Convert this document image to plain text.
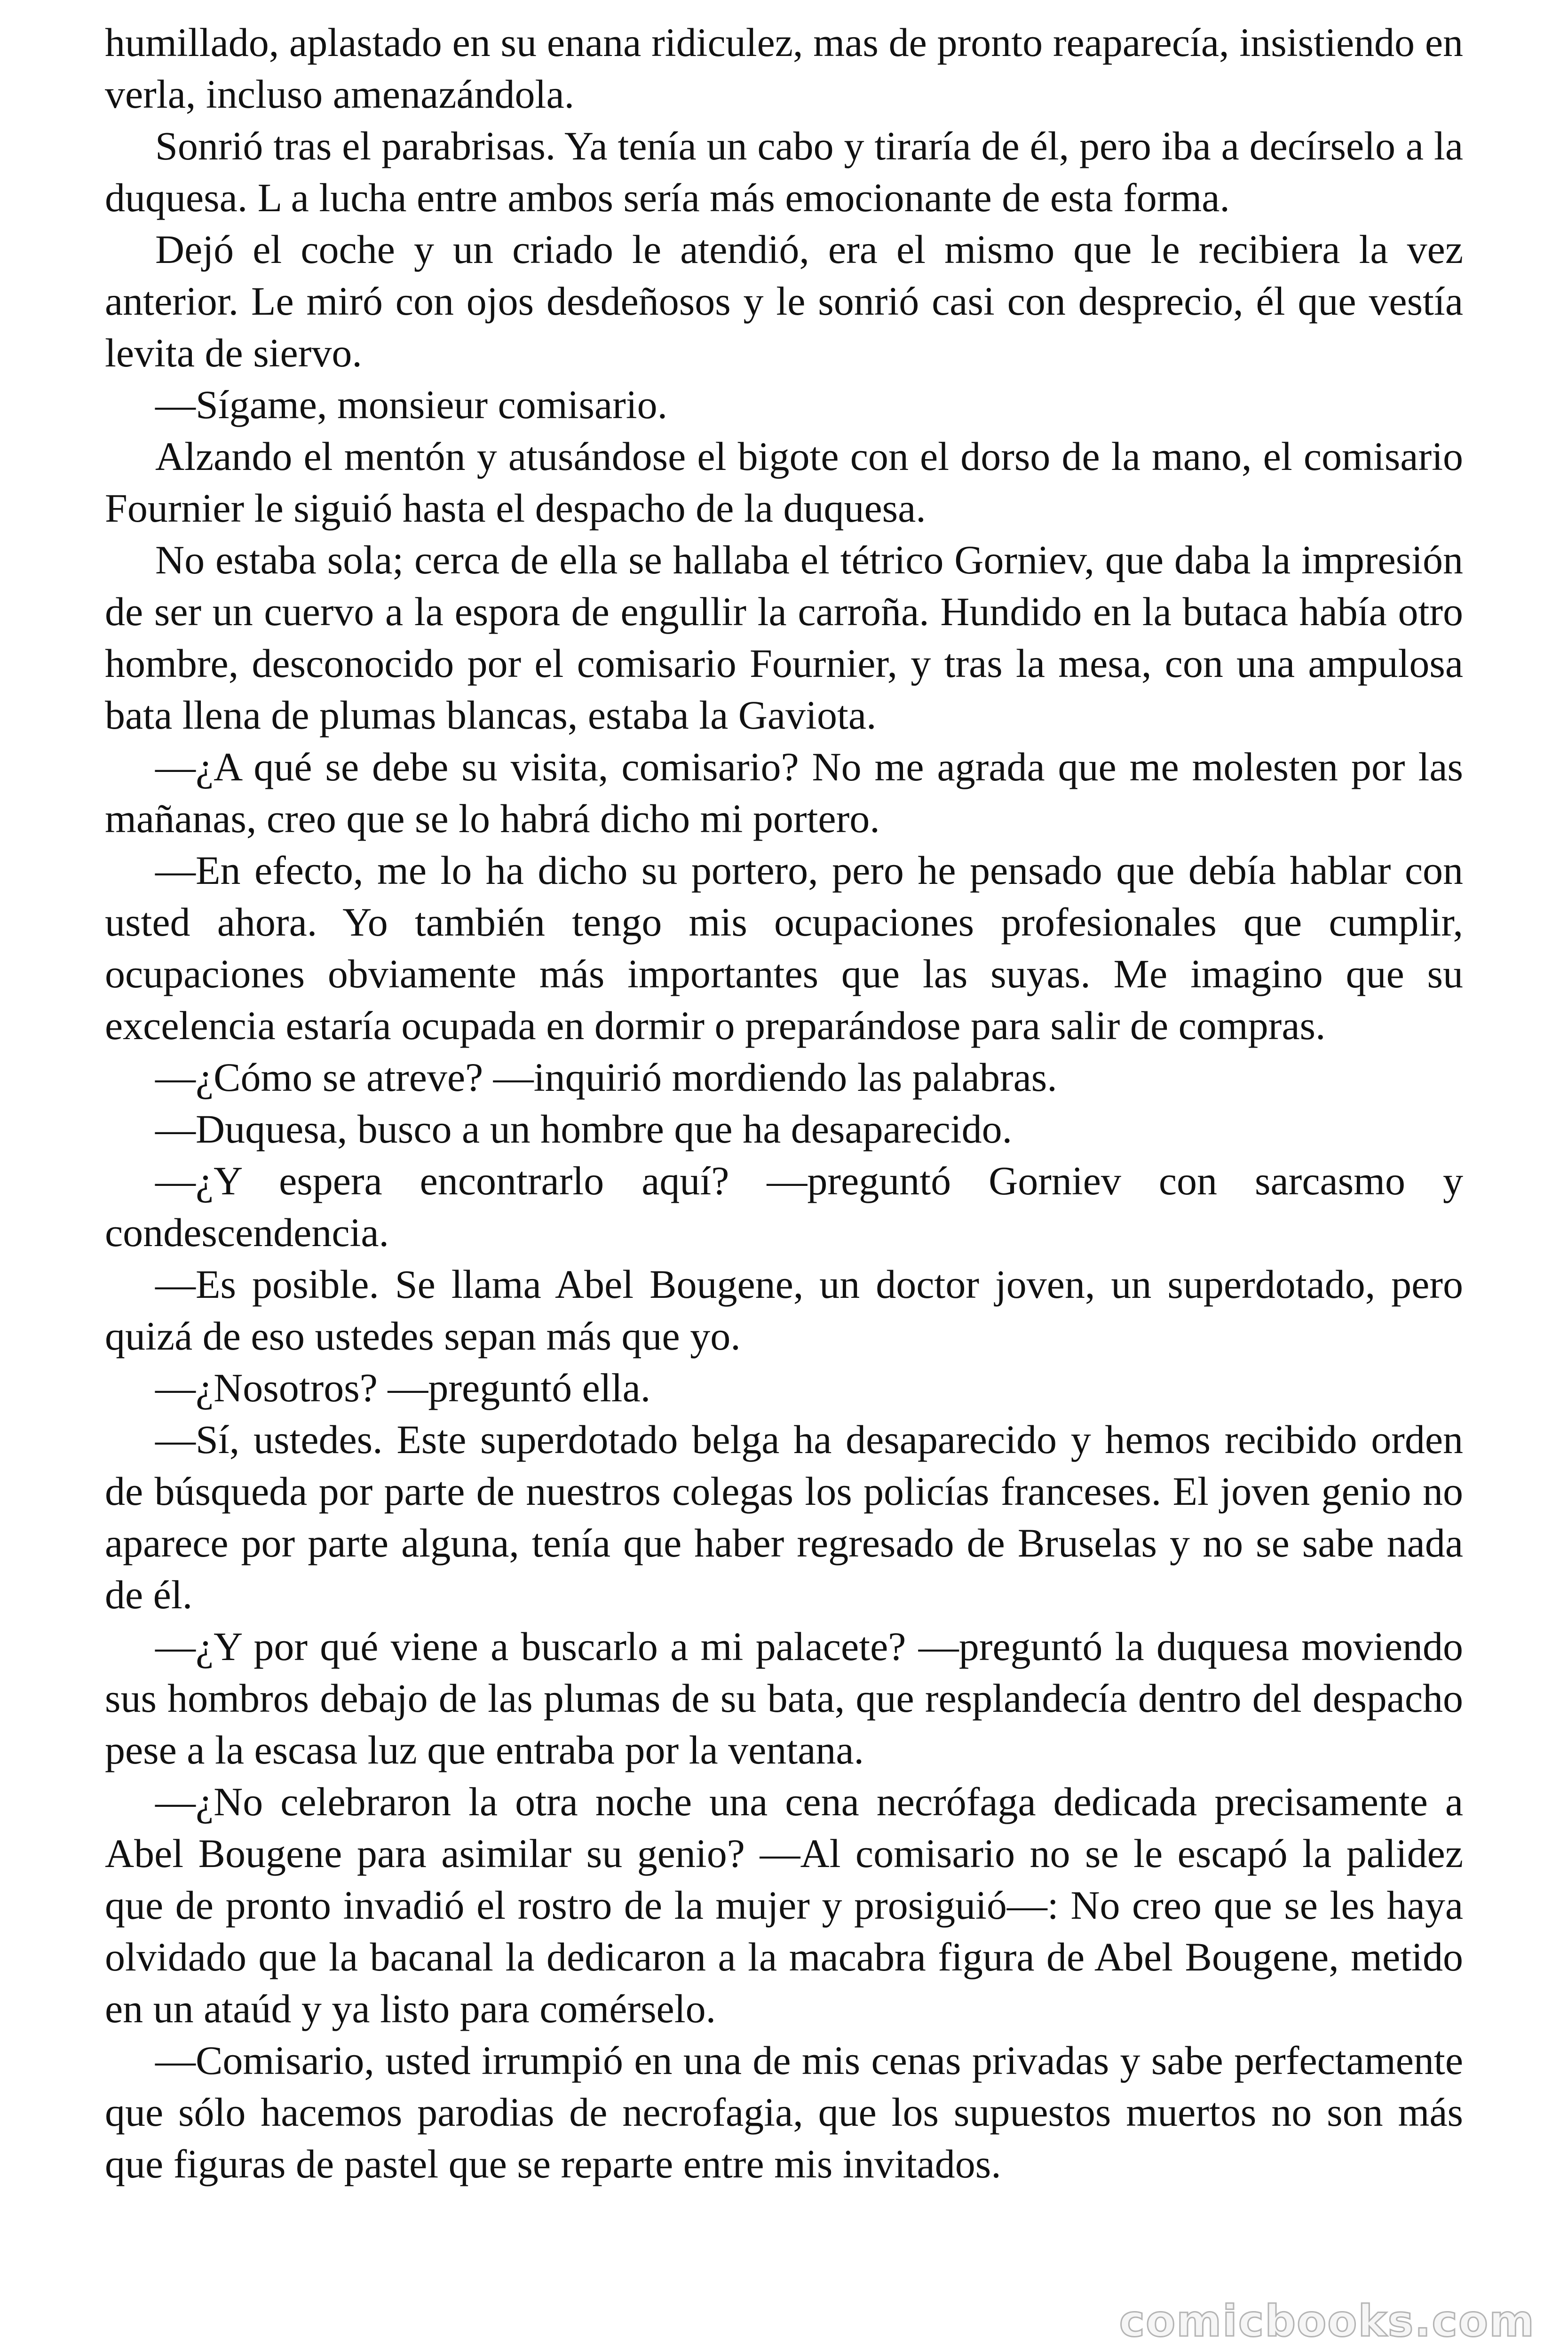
humillado, aplastado en su enana ridiculez, mas de pronto reaparecía, insistiendo en verla, incluso amenazándola.

Sonrió tras el parabrisas. Ya tenía un cabo y tiraría de él, pero iba a decírselo a la duquesa. L a lucha entre ambos sería más emocionante de esta forma.

Dejó el coche y un criado le atendió, era el mismo que le recibiera la vez anterior. Le miró con ojos desdeñosos y le sonrió casi con desprecio, él que vestía levita de siervo.

—Sígame, monsieur comisario.

Alzando el mentón y atusándose el bigote con el dorso de la mano, el comisario Fournier le siguió hasta el despacho de la duquesa.

No estaba sola; cerca de ella se hallaba el tétrico Gorniev, que daba la impresión de ser un cuervo a la espora de engullir la carroña. Hundido en la butaca había otro hombre, desconocido por el comisario Fournier, y tras la mesa, con una ampulosa bata llena de plumas blancas, estaba la Gaviota.

—¿A qué se debe su visita, comisario? No me agrada que me molesten por las mañanas, creo que se lo habrá dicho mi portero.

—En efecto, me lo ha dicho su portero, pero he pensado que debía hablar con usted ahora. Yo también tengo mis ocupaciones profesionales que cumplir, ocupaciones obviamente más importantes que las suyas. Me imagino que su excelencia estaría ocupada en dormir o preparándose para salir de compras.

—¿Cómo se atreve? —inquirió mordiendo las palabras.

—Duquesa, busco a un hombre que ha desaparecido.

—¿Y espera encontrarlo aquí? —preguntó Gorniev con sarcasmo y condescendencia.

—Es posible. Se llama Abel Bougene, un doctor joven, un superdotado, pero quizá de eso ustedes sepan más que yo.

—¿Nosotros? —preguntó ella.

—Sí, ustedes. Este superdotado belga ha desaparecido y hemos recibido orden de búsqueda por parte de nuestros colegas los policías franceses. El joven genio no aparece por parte alguna, tenía que haber regresado de Bruselas y no se sabe nada de él.

—¿Y por qué viene a buscarlo a mi palacete? —preguntó la duquesa moviendo sus hombros debajo de las plumas de su bata, que resplandecía dentro del despacho pese a la escasa luz que entraba por la ventana.

—¿No celebraron la otra noche una cena necrófaga dedicada precisamente a Abel Bougene para asimilar su genio? —Al comisario no se le escapó la palidez que de pronto invadió el rostro de la mujer y prosiguió—: No creo que se les haya olvidado que la bacanal la dedicaron a la macabra figura de Abel Bougene, metido en un ataúd y ya listo para comérselo.

—Comisario, usted irrumpió en una de mis cenas privadas y sabe perfectamente que sólo hacemos parodias de necrofagia, que los supuestos muertos no son más que figuras de pastel que se reparte entre mis invitados.

comicbooks.com
